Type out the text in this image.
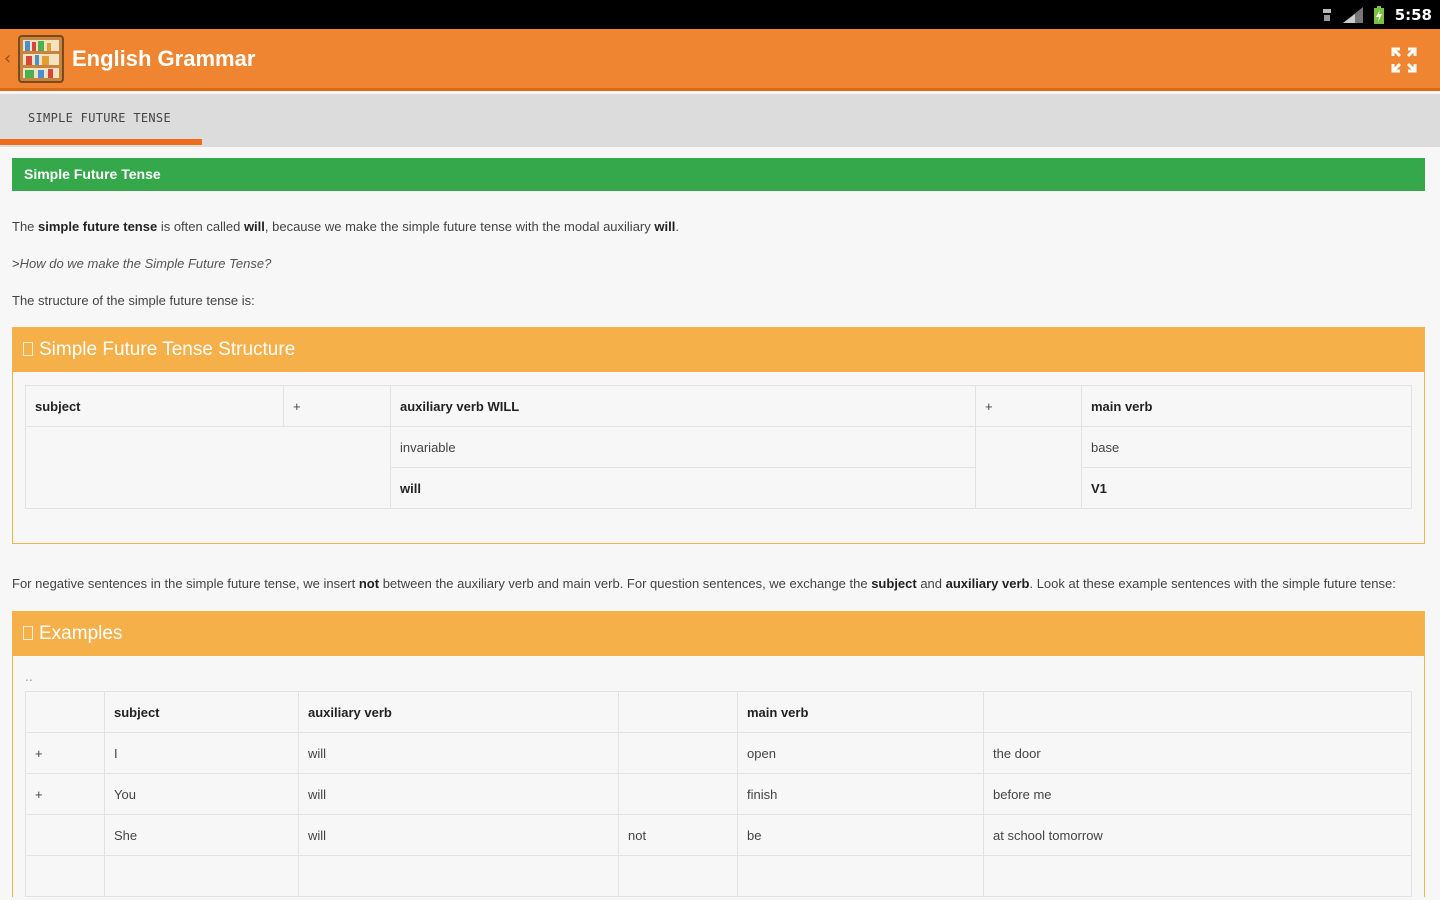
5:58
‹	English Grammar
SIMPLE FUTURE TENSE
Simple Future Tense

The simple future tense is often called will, because we make the simple future tense with the modal auxiliary will.

>How do we make the Simple Future Tense?

The structure of the simple future tense is:

Simple Future Tense Structure
subject	+	auxiliary verb WILL	+	main verb
		invariable		base
		will		V1

For negative sentences in the simple future tense, we insert not between the auxiliary verb and main verb. For question sentences, we exchange the subject and auxiliary verb. Look at these example sentences with the simple future tense:

Examples
..
	subject	auxiliary verb		main verb	
+	I	will		open	the door
+	You	will		finish	before me
	She	will	not	be	at school tomorrow
